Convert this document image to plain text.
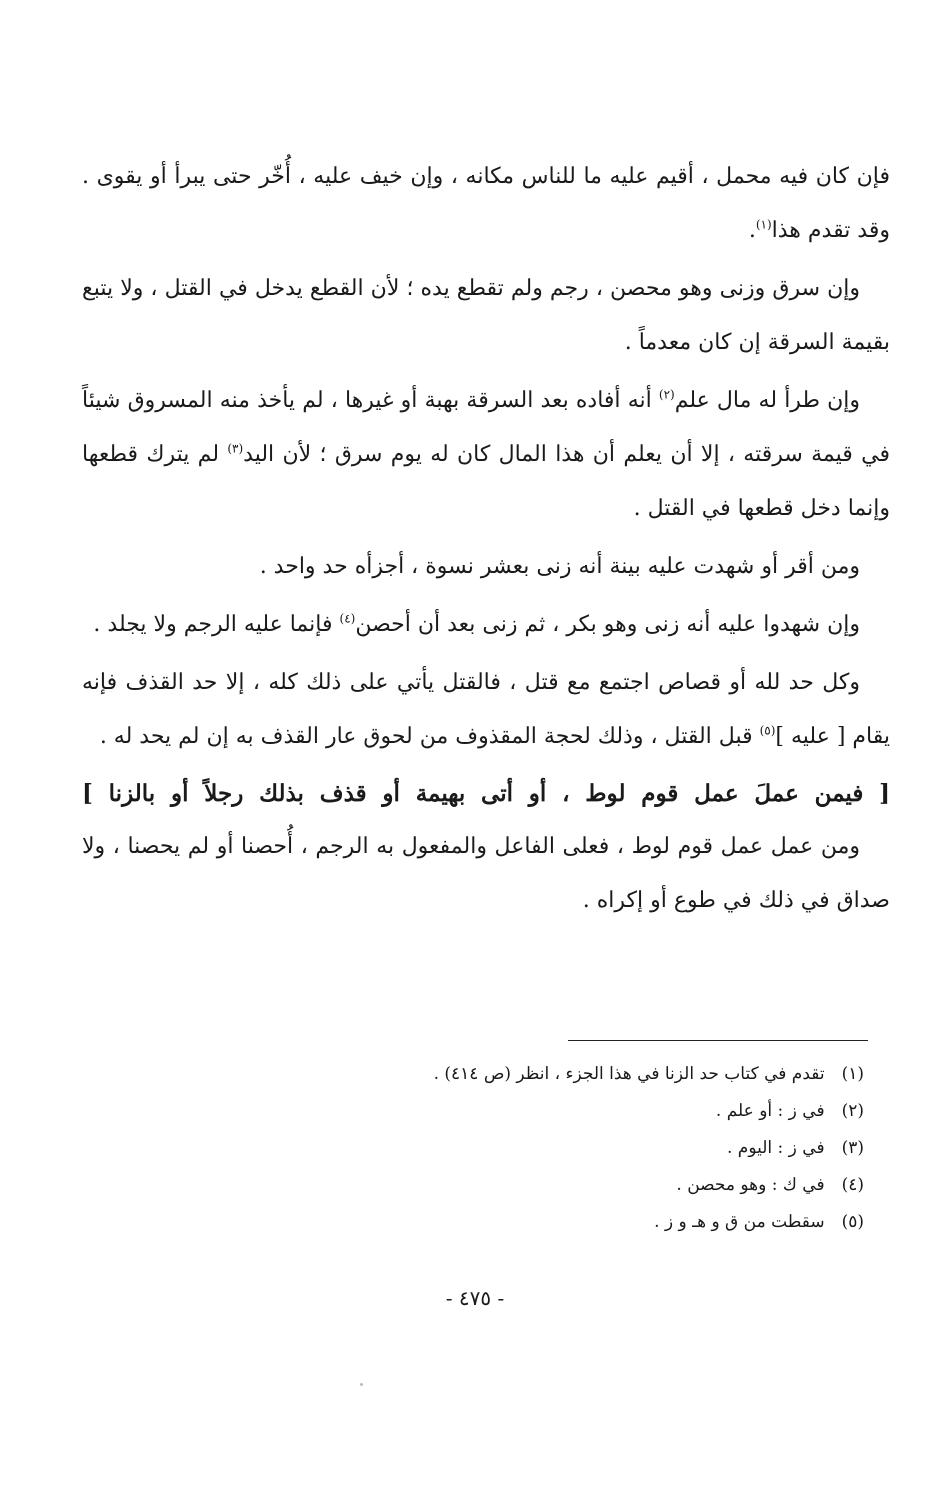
فإن كان فيه محمل ، أقيم عليه ما للناس مكانه ، وإن خيف عليه ، أُخّر حتى يبرأ أو يقوى . وقد تقدم هذا$^{(١)}$.

وإن سرق وزنى وهو محصن ، رجم ولم تقطع يده ؛ لأن القطع يدخل في القتل ، ولا يتبع بقيمة السرقة إن كان معدماً .

وإن طرأ له مال علم$^{(٢)}$ أنه أفاده بعد السرقة بهبة أو غيرها ، لم يأخذ منه المسروق شيئاً في قيمة سرقته ، إلا أن يعلم أن هذا المال كان له يوم سرق ؛ لأن اليد$^{(٣)}$ لم يترك قطعها وإنما دخل قطعها في القتل .

ومن أقر أو شهدت عليه بينة أنه زنى بعشر نسوة ، أجزأه حد واحد .

وإن شهدوا عليه أنه زنى وهو بكر ، ثم زنى بعد أن أحصن$^{(٤)}$ فإنما عليه الرجم ولا يجلد .

وكل حد لله أو قصاص اجتمع مع قتل ، فالقتل يأتي على ذلك كله ، إلا حد القذف فإنه يقام [ عليه ]$^{(٥)}$ قبل القتل ، وذلك لحجة المقذوف من لحوق عار القذف به إن لم يحد له .

[ فيمن عملَ عمل قوم لوط ، أو أتى بهيمة أو قذف بذلك رجلاً أو بالزنا ]

ومن عمل عمل قوم لوط ، فعلى الفاعل والمفعول به الرجم ، أُحصنا أو لم يحصنا ، ولا صداق في ذلك في طوع أو إكراه .

(١) تقدم في كتاب حد الزنا في هذا الجزء ، انظر (ص ٤١٤) .
(٢) في ز : أو علم .
(٣) في ز : اليوم .
(٤) في ك : وهو محصن .
(٥) سقطت من ق و هـ و ز .
- ٤٧٥ -
